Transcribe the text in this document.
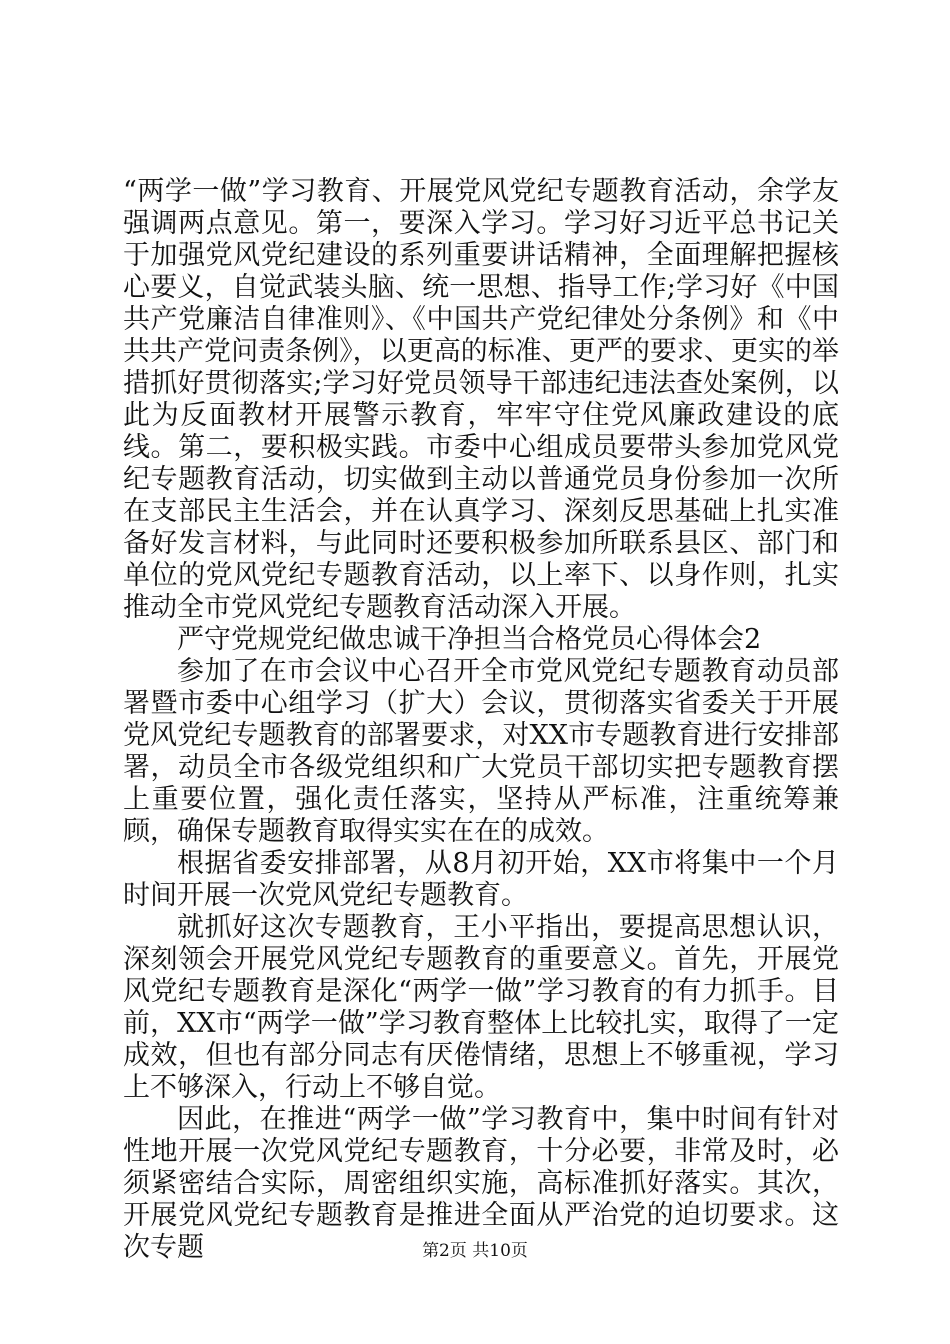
“两学一做”学习教育、开展党风党纪专题教育活动，余学友强调两点意见。第一，要深入学习。学习好习近平总书记关于加强党风党纪建设的系列重要讲话精神，全面理解把握核心要义，自觉武装头脑、统一思想、指导工作;学习好《中国共产党廉洁自律准则》、《中国共产党纪律处分条例》和《中共共产党问责条例》，以更高的标准、更严的要求、更实的举措抓好贯彻落实;学习好党员领导干部违纪违法查处案例，以此为反面教材开展警示教育，牢牢守住党风廉政建设的底线。第二，要积极实践。市委中心组成员要带头参加党风党纪专题教育活动，切实做到主动以普通党员身份参加一次所在支部民主生活会，并在认真学习、深刻反思基础上扎实准备好发言材料，与此同时还要积极参加所联系县区、部门和单位的党风党纪专题教育活动，以上率下、以身作则，扎实推动全市党风党纪专题教育活动深入开展。

严守党规党纪做忠诚干净担当合格党员心得体会2

参加了在市会议中心召开全市党风党纪专题教育动员部署暨市委中心组学习（扩大）会议，贯彻落实省委关于开展党风党纪专题教育的部署要求，对XX市专题教育进行安排部署，动员全市各级党组织和广大党员干部切实把专题教育摆上重要位置，强化责任落实，坚持从严标准，注重统筹兼顾，确保专题教育取得实实在在的成效。

根据省委安排部署，从8月初开始，XX市将集中一个月时间开展一次党风党纪专题教育。

就抓好这次专题教育，王小平指出，要提高思想认识，深刻领会开展党风党纪专题教育的重要意义。首先，开展党风党纪专题教育是深化“两学一做”学习教育的有力抓手。目前，XX市“两学一做”学习教育整体上比较扎实，取得了一定成效，但也有部分同志有厌倦情绪，思想上不够重视，学习上不够深入，行动上不够自觉。

因此，在推进“两学一做”学习教育中，集中时间有针对性地开展一次党风党纪专题教育，十分必要，非常及时，必须紧密结合实际，周密组织实施，高标准抓好落实。其次，开展党风党纪专题教育是推进全面从严治党的迫切要求。这次专题	第2页 共10页
